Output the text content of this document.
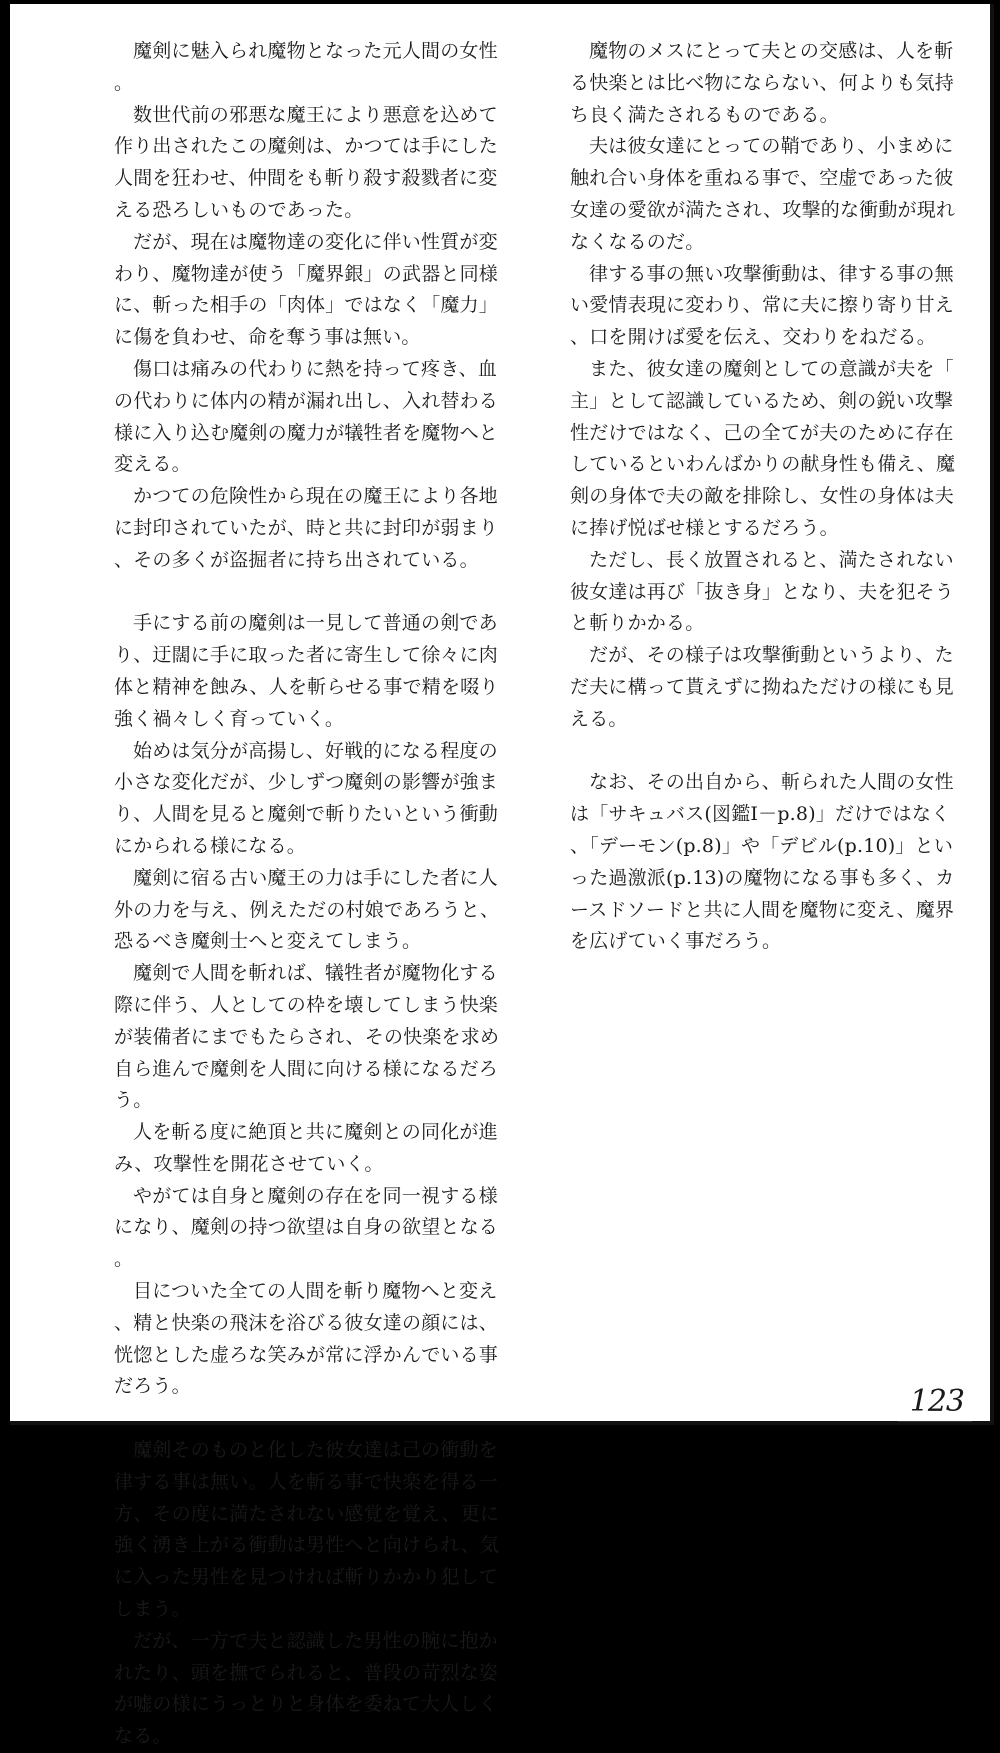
魔剣に魅入られ魔物となった元人間の女性。

数世代前の邪悪な魔王により悪意を込めて作り出されたこの魔剣は、かつては手にした人間を狂わせ、仲間をも斬り殺す殺戮者に変える恐ろしいものであった。

だが、現在は魔物達の変化に伴い性質が変わり、魔物達が使う「魔界銀」の武器と同様に、斬った相手の「肉体」ではなく「魔力」に傷を負わせ、命を奪う事は無い。

傷口は痛みの代わりに熱を持って疼き、血の代わりに体内の精が漏れ出し、入れ替わる様に入り込む魔剣の魔力が犠牲者を魔物へと変える。

かつての危険性から現在の魔王により各地に封印されていたが、時と共に封印が弱まり、その多くが盗掘者に持ち出されている。

手にする前の魔剣は一見して普通の剣であり、迂闊に手に取った者に寄生して徐々に肉体と精神を蝕み、人を斬らせる事で精を啜り強く禍々しく育っていく。

始めは気分が高揚し、好戦的になる程度の小さな変化だが、少しずつ魔剣の影響が強まり、人間を見ると魔剣で斬りたいという衝動にかられる様になる。

魔剣に宿る古い魔王の力は手にした者に人外の力を与え、例えただの村娘であろうと、恐るべき魔剣士へと変えてしまう。

魔剣で人間を斬れば、犠牲者が魔物化する際に伴う、人としての枠を壊してしまう快楽が装備者にまでもたらされ、その快楽を求め自ら進んで魔剣を人間に向ける様になるだろう。

人を斬る度に絶頂と共に魔剣との同化が進み、攻撃性を開花させていく。

やがては自身と魔剣の存在を同一視する様になり、魔剣の持つ欲望は自身の欲望となる。

目についた全ての人間を斬り魔物へと変え、精と快楽の飛沫を浴びる彼女達の顔には、恍惚とした虚ろな笑みが常に浮かんでいる事だろう。

魔剣そのものと化した彼女達は己の衝動を律する事は無い。人を斬る事で快楽を得る一方、その度に満たされない感覚を覚え、更に強く湧き上がる衝動は男性へと向けられ、気に入った男性を見つければ斬りかかり犯してしまう。

だが、一方で夫と認識した男性の腕に抱かれたり、頭を撫でられると、普段の苛烈な姿が嘘の様にうっとりと身体を委ねて大人しくなる。

魔物のメスにとって夫との交感は、人を斬る快楽とは比べ物にならない、何よりも気持ち良く満たされるものである。

夫は彼女達にとっての鞘であり、小まめに触れ合い身体を重ねる事で、空虚であった彼女達の愛欲が満たされ、攻撃的な衝動が現れなくなるのだ。

律する事の無い攻撃衝動は、律する事の無い愛情表現に変わり、常に夫に擦り寄り甘え、口を開けば愛を伝え、交わりをねだる。

また、彼女達の魔剣としての意識が夫を「主」として認識しているため、剣の鋭い攻撃性だけではなく、己の全てが夫のために存在しているといわんばかりの献身性も備え、魔剣の身体で夫の敵を排除し、女性の身体は夫に捧げ悦ばせ様とするだろう。

ただし、長く放置されると、満たされない彼女達は再び「抜き身」となり、夫を犯そうと斬りかかる。

だが、その様子は攻撃衝動というより、ただ夫に構って貰えずに拗ねただけの様にも見える。

なお、その出自から、斬られた人間の女性は「サキュバス(図鑑Ⅰ－p.8)」だけではなく、「デーモン(p.8)」や「デビル(p.10)」といった過激派(p.13)の魔物になる事も多く、カースドソードと共に人間を魔物に変え、魔界を広げていく事だろう。

123
